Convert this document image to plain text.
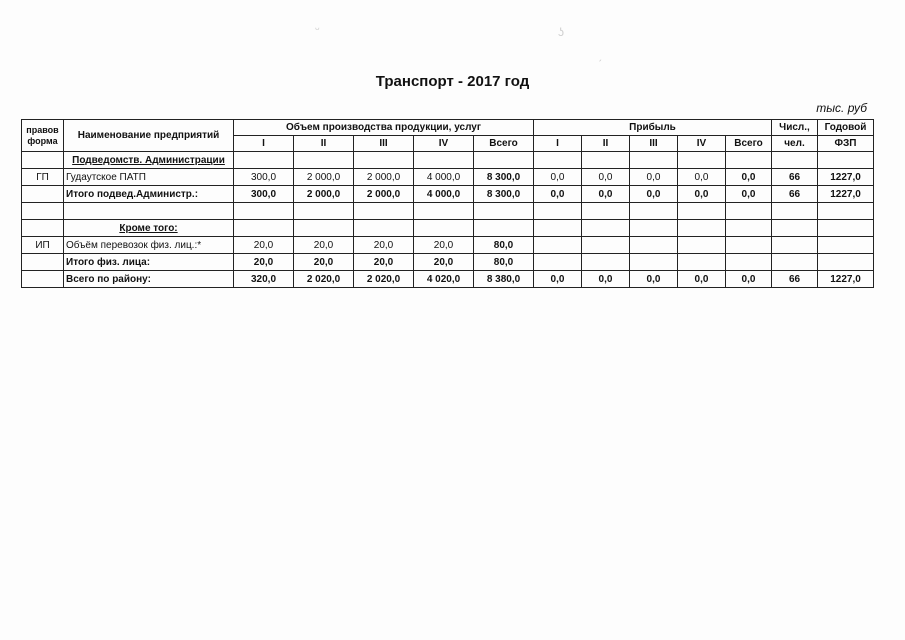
Транспорт - 2017 год
тыс. руб
ᵕ	ʖ
ˏ
правов
форма	Наименование предприятий	Объем производства продукции, услуг					Прибыль					Числ.,	Годовой
		I	II	III	IV	Всего	I	II	III	IV	Всего	чел.	ФЗП
	Подведомств. Администрации												
ГП	Гудаутское ПАТП	300,0	2 000,0	2 000,0	4 000,0	8 300,0	0,0	0,0	0,0	0,0	0,0	66	1227,0
	Итого подвед.Администр.:	300,0	2 000,0	2 000,0	4 000,0	8 300,0	0,0	0,0	0,0	0,0	0,0	66	1227,0

	Кроме того:												
ИП	Объём перевозок физ. лиц.:*	20,0	20,0	20,0	20,0	80,0							
	Итого физ. лица:	20,0	20,0	20,0	20,0	80,0							
	Всего по району:	320,0	2 020,0	2 020,0	4 020,0	8 380,0	0,0	0,0	0,0	0,0	0,0	66	1227,0
